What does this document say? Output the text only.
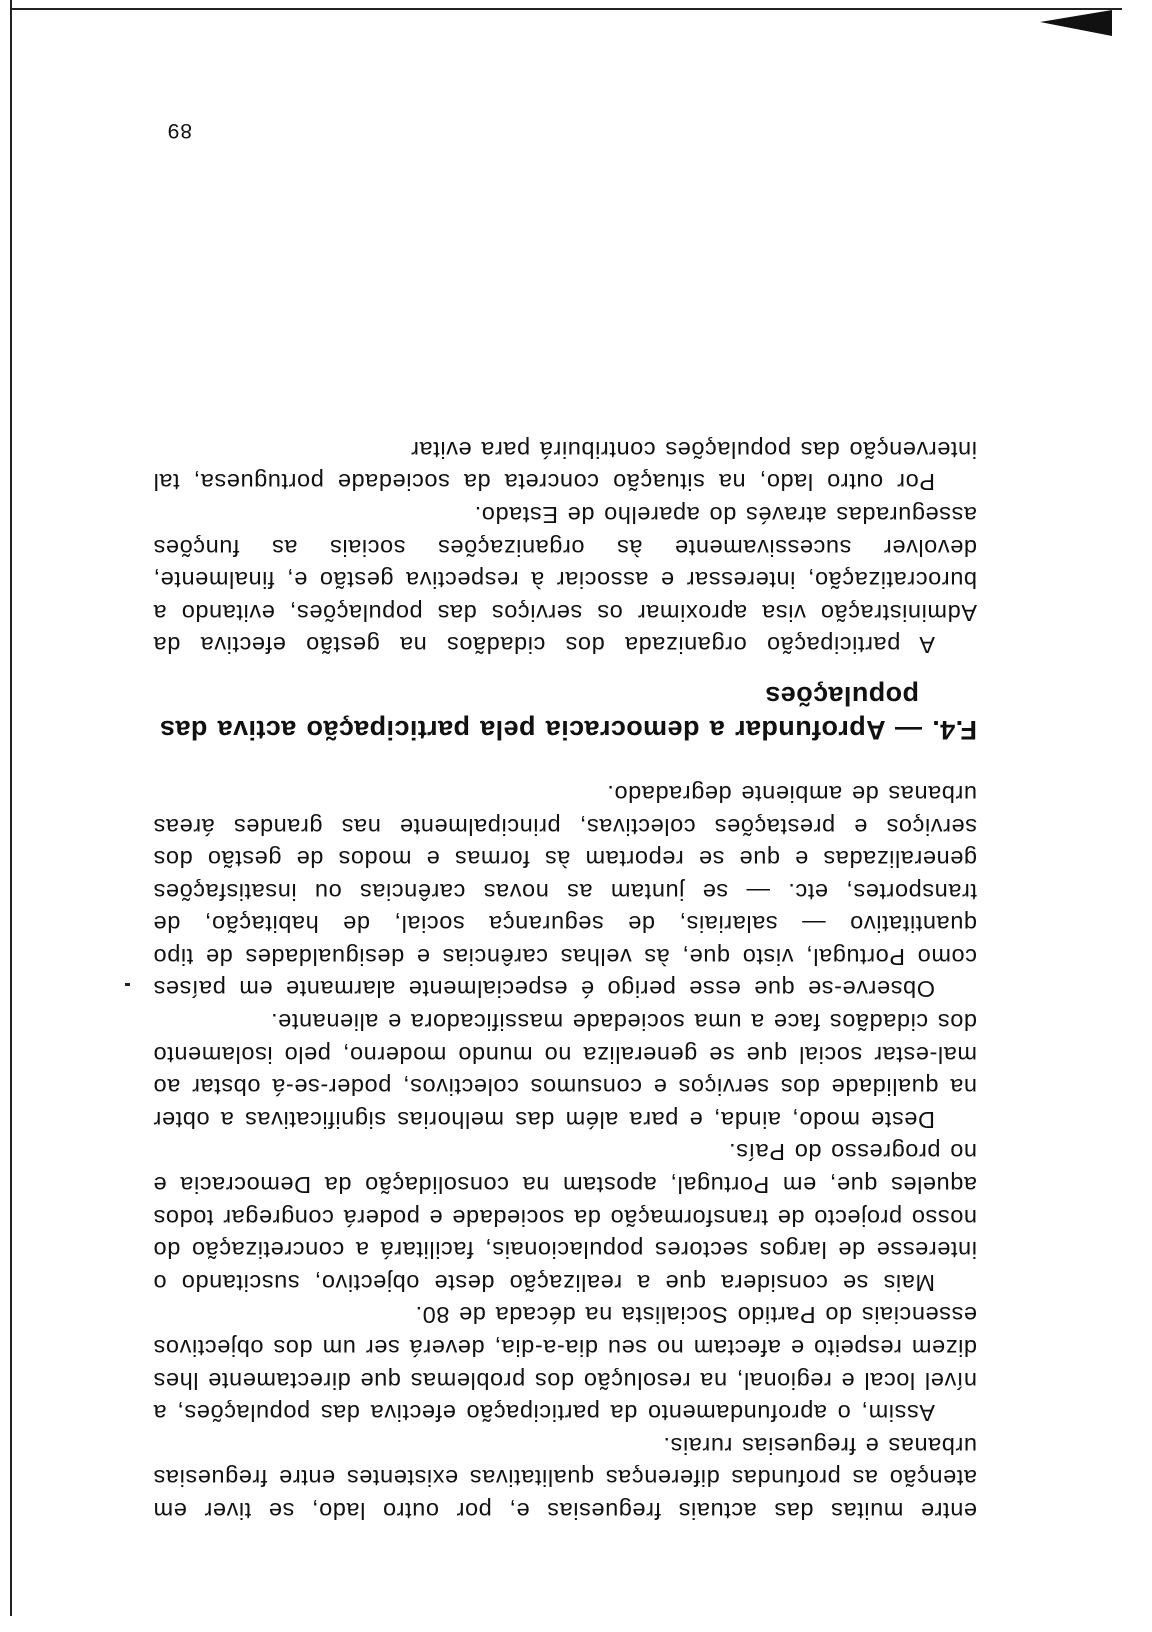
entre muitas das actuais freguesias e, por outro lado, se tiver em atenção as profundas diferenças qualitativas existentes entre freguesias urbanas e freguesias rurais.

Assim, o aprofundamento da participação efectiva das populações, a nível local e regional, na resolução dos problemas que directamente lhes dizem respeito e afectam no seu dia-a-dia, deverá ser um dos objectivos essenciais do Partido Socialista na década de 80.

Mais se considera que a realização deste objectivo, suscitando o interesse de largos sectores populacionais, facilitará a concretização do nosso projecto de transformação da sociedade e poderá congregar todos aqueles que, em Portugal, apostam na consolidação da Democracia e no progresso do País.

Deste modo, ainda, e para além das melhorias significativas a obter na qualidade dos serviços e consumos colectivos, poder-se-á obstar ao mal-estar social que se generaliza no mundo moderno, pelo isolamento dos cidadãos face a uma sociedade massificadora e alienante.

Observe-se que esse perigo é especialmente alarmante em países como Portugal, visto que, às velhas carências e desigualdades de tipo quantitativo — salariais, de segurança social, de habitação, de transportes, etc. — se juntam as novas carências ou insatisfações generalizadas e que se reportam às formas e modos de gestão dos serviços e prestações colectivas, principalmente nas grandes áreas urbanas de ambiente degradado.

F.4. — Aprofundar a democracia pela participação activa das populações

A participação organizada dos cidadãos na gestão efectiva da Administração visa aproximar os serviços das populações, evitando a burocratização, interessar e associar à respectiva gestão e, finalmente, devolver sucessivamente às organizações sociais as funções asseguradas através do aparelho de Estado.

Por outro lado, na situação concreta da sociedade portuguesa, tal intervenção das populações contribuirá para evitar

89
